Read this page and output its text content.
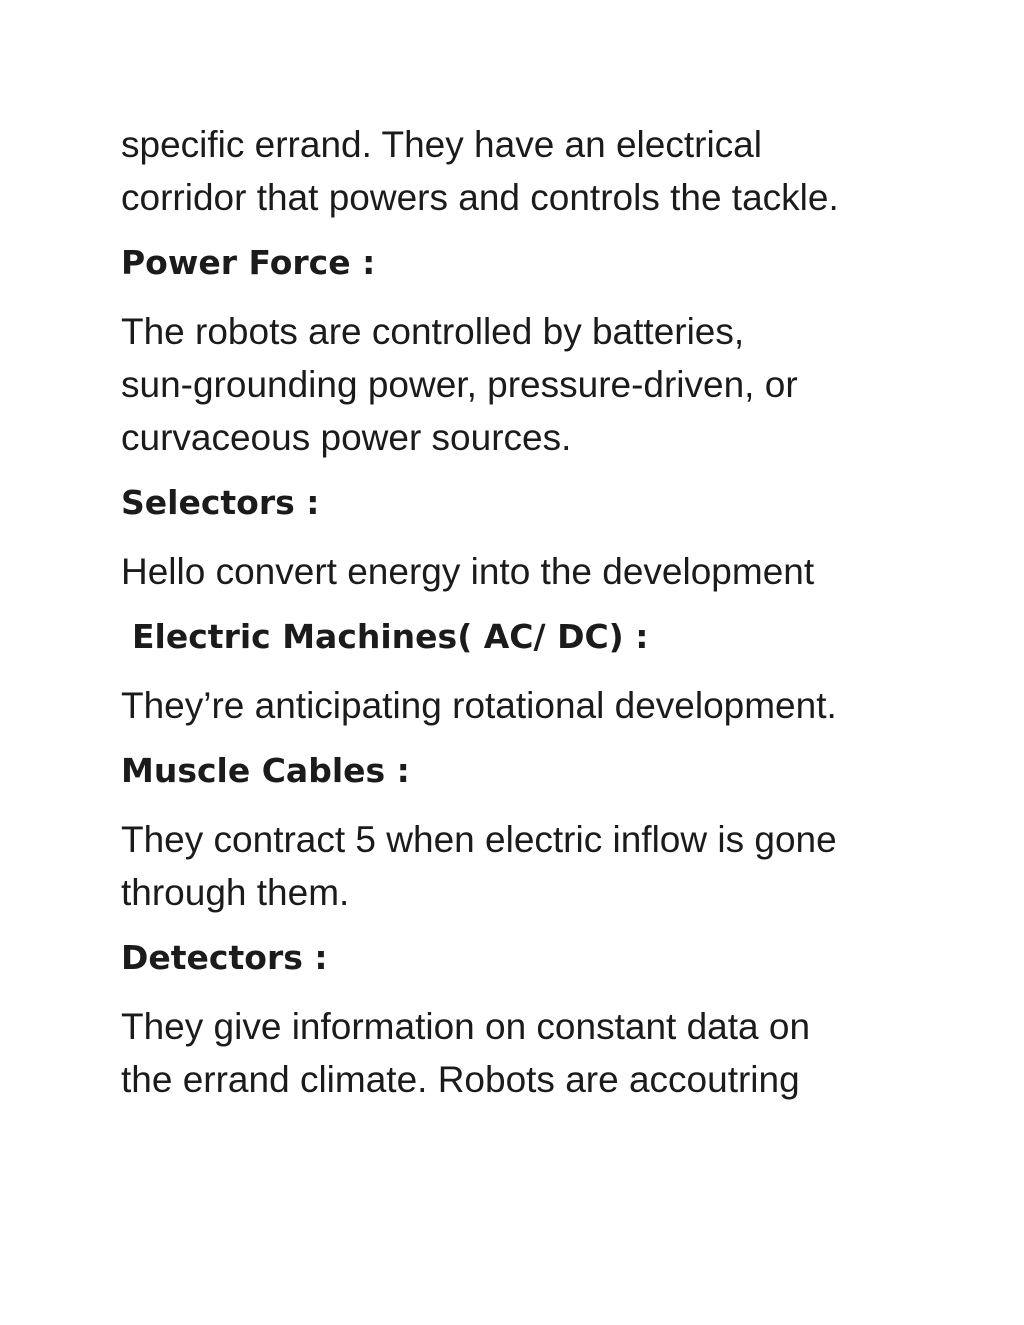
specific errand. They have an electrical
corridor that powers and controls the tackle.

Power Force :

The robots are controlled by batteries,
sun-grounding power, pressure-driven, or
curvaceous power sources.

Selectors :

Hello convert energy into the development

Electric Machines( AC/ DC) :

They’re anticipating rotational development.

Muscle Cables :

They contract 5 when electric inflow is gone
through them.

Detectors :

They give information on constant data on
the errand climate. Robots are accoutring
